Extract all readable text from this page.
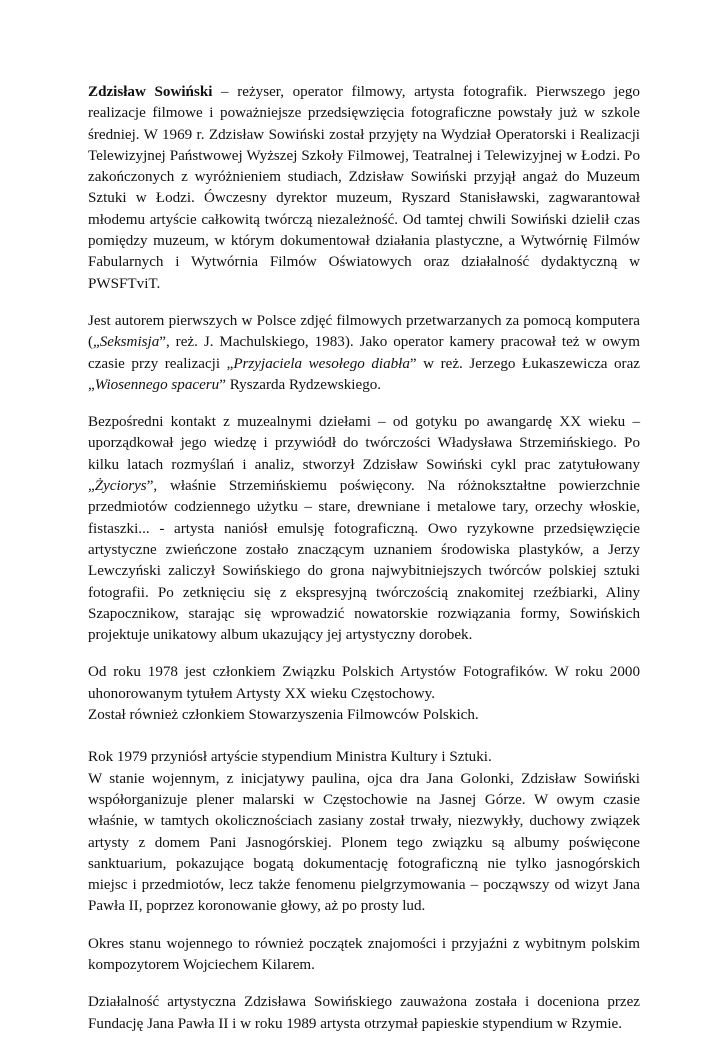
Zdzisław Sowiński – reżyser, operator filmowy, artysta fotografik. Pierwszego jego realizacje filmowe i poważniejsze przedsięwzięcia fotograficzne powstały już w szkole średniej. W 1969 r. Zdzisław Sowiński został przyjęty na Wydział Operatorski i Realizacji Telewizyjnej Państwowej Wyższej Szkoły Filmowej, Teatralnej i Telewizyjnej w Łodzi. Po zakończonych z wyróżnieniem studiach, Zdzisław Sowiński przyjął angaż do Muzeum Sztuki w Łodzi. Ówczesny dyrektor muzeum, Ryszard Stanisławski, zagwarantował młodemu artyście całkowitą twórczą niezależność. Od tamtej chwili Sowiński dzielił czas pomiędzy muzeum, w którym dokumentował działania plastyczne, a Wytwórnię Filmów Fabularnych i Wytwórnia Filmów Oświatowych oraz działalność dydaktyczną w PWSFTviT.

Jest autorem pierwszych w Polsce zdjęć filmowych przetwarzanych za pomocą komputera („Seksmisja”, reż. J. Machulskiego, 1983). Jako operator kamery pracował też w owym czasie przy realizacji „Przyjaciela wesołego diabła” w reż. Jerzego Łukaszewicza oraz „Wiosennego spaceru” Ryszarda Rydzewskiego.

Bezpośredni kontakt z muzealnymi dziełami – od gotyku po awangardę XX wieku – uporządkował jego wiedzę i przywiódł do twórczości Władysława Strzemińskiego. Po kilku latach rozmyślań i analiz, stworzył Zdzisław Sowiński cykl prac zatytułowany „Życiorys”, właśnie Strzemińskiemu poświęcony. Na różnokształtne powierzchnie przedmiotów codziennego użytku – stare, drewniane i metalowe tary, orzechy włoskie, fistaszki... - artysta naniósł emulsję fotograficzną. Owo ryzykowne przedsięwzięcie artystyczne zwieńczone zostało znaczącym uznaniem środowiska plastyków, a Jerzy Lewczyński zaliczył Sowińskiego do grona najwybitniejszych twórców polskiej sztuki fotografii. Po zetknięciu się z ekspresyjną twórczością znakomitej rzeźbiarki, Aliny Szapocznikow, starając się wprowadzić nowatorskie rozwiązania formy, Sowińskich projektuje unikatowy album ukazujący jej artystyczny dorobek.

Od roku 1978 jest członkiem Związku Polskich Artystów Fotografików. W roku 2000 uhonorowanym tytułem Artysty XX wieku Częstochowy.

Został również członkiem Stowarzyszenia Filmowców Polskich.

Rok 1979 przyniósł artyście stypendium Ministra Kultury i Sztuki.

W stanie wojennym, z inicjatywy paulina, ojca dra Jana Golonki, Zdzisław Sowiński współorganizuje plener malarski w Częstochowie na Jasnej Górze. W owym czasie właśnie, w tamtych okolicznościach zasiany został trwały, niezwykły, duchowy związek artysty z domem Pani Jasnogórskiej. Plonem tego związku są albumy poświęcone sanktuarium, pokazujące bogatą dokumentację fotograficzną nie tylko jasnogórskich miejsc i przedmiotów, lecz także fenomenu pielgrzymowania – począwszy od wizyt Jana Pawła II, poprzez koronowanie głowy, aż po prosty lud.

Okres stanu wojennego to również początek znajomości i przyjaźni z wybitnym polskim kompozytorem Wojciechem Kilarem.

Działalność artystyczna Zdzisława Sowińskiego zauważona została i doceniona przez Fundację Jana Pawła II i w roku 1989 artysta otrzymał papieskie stypendium w Rzymie.
